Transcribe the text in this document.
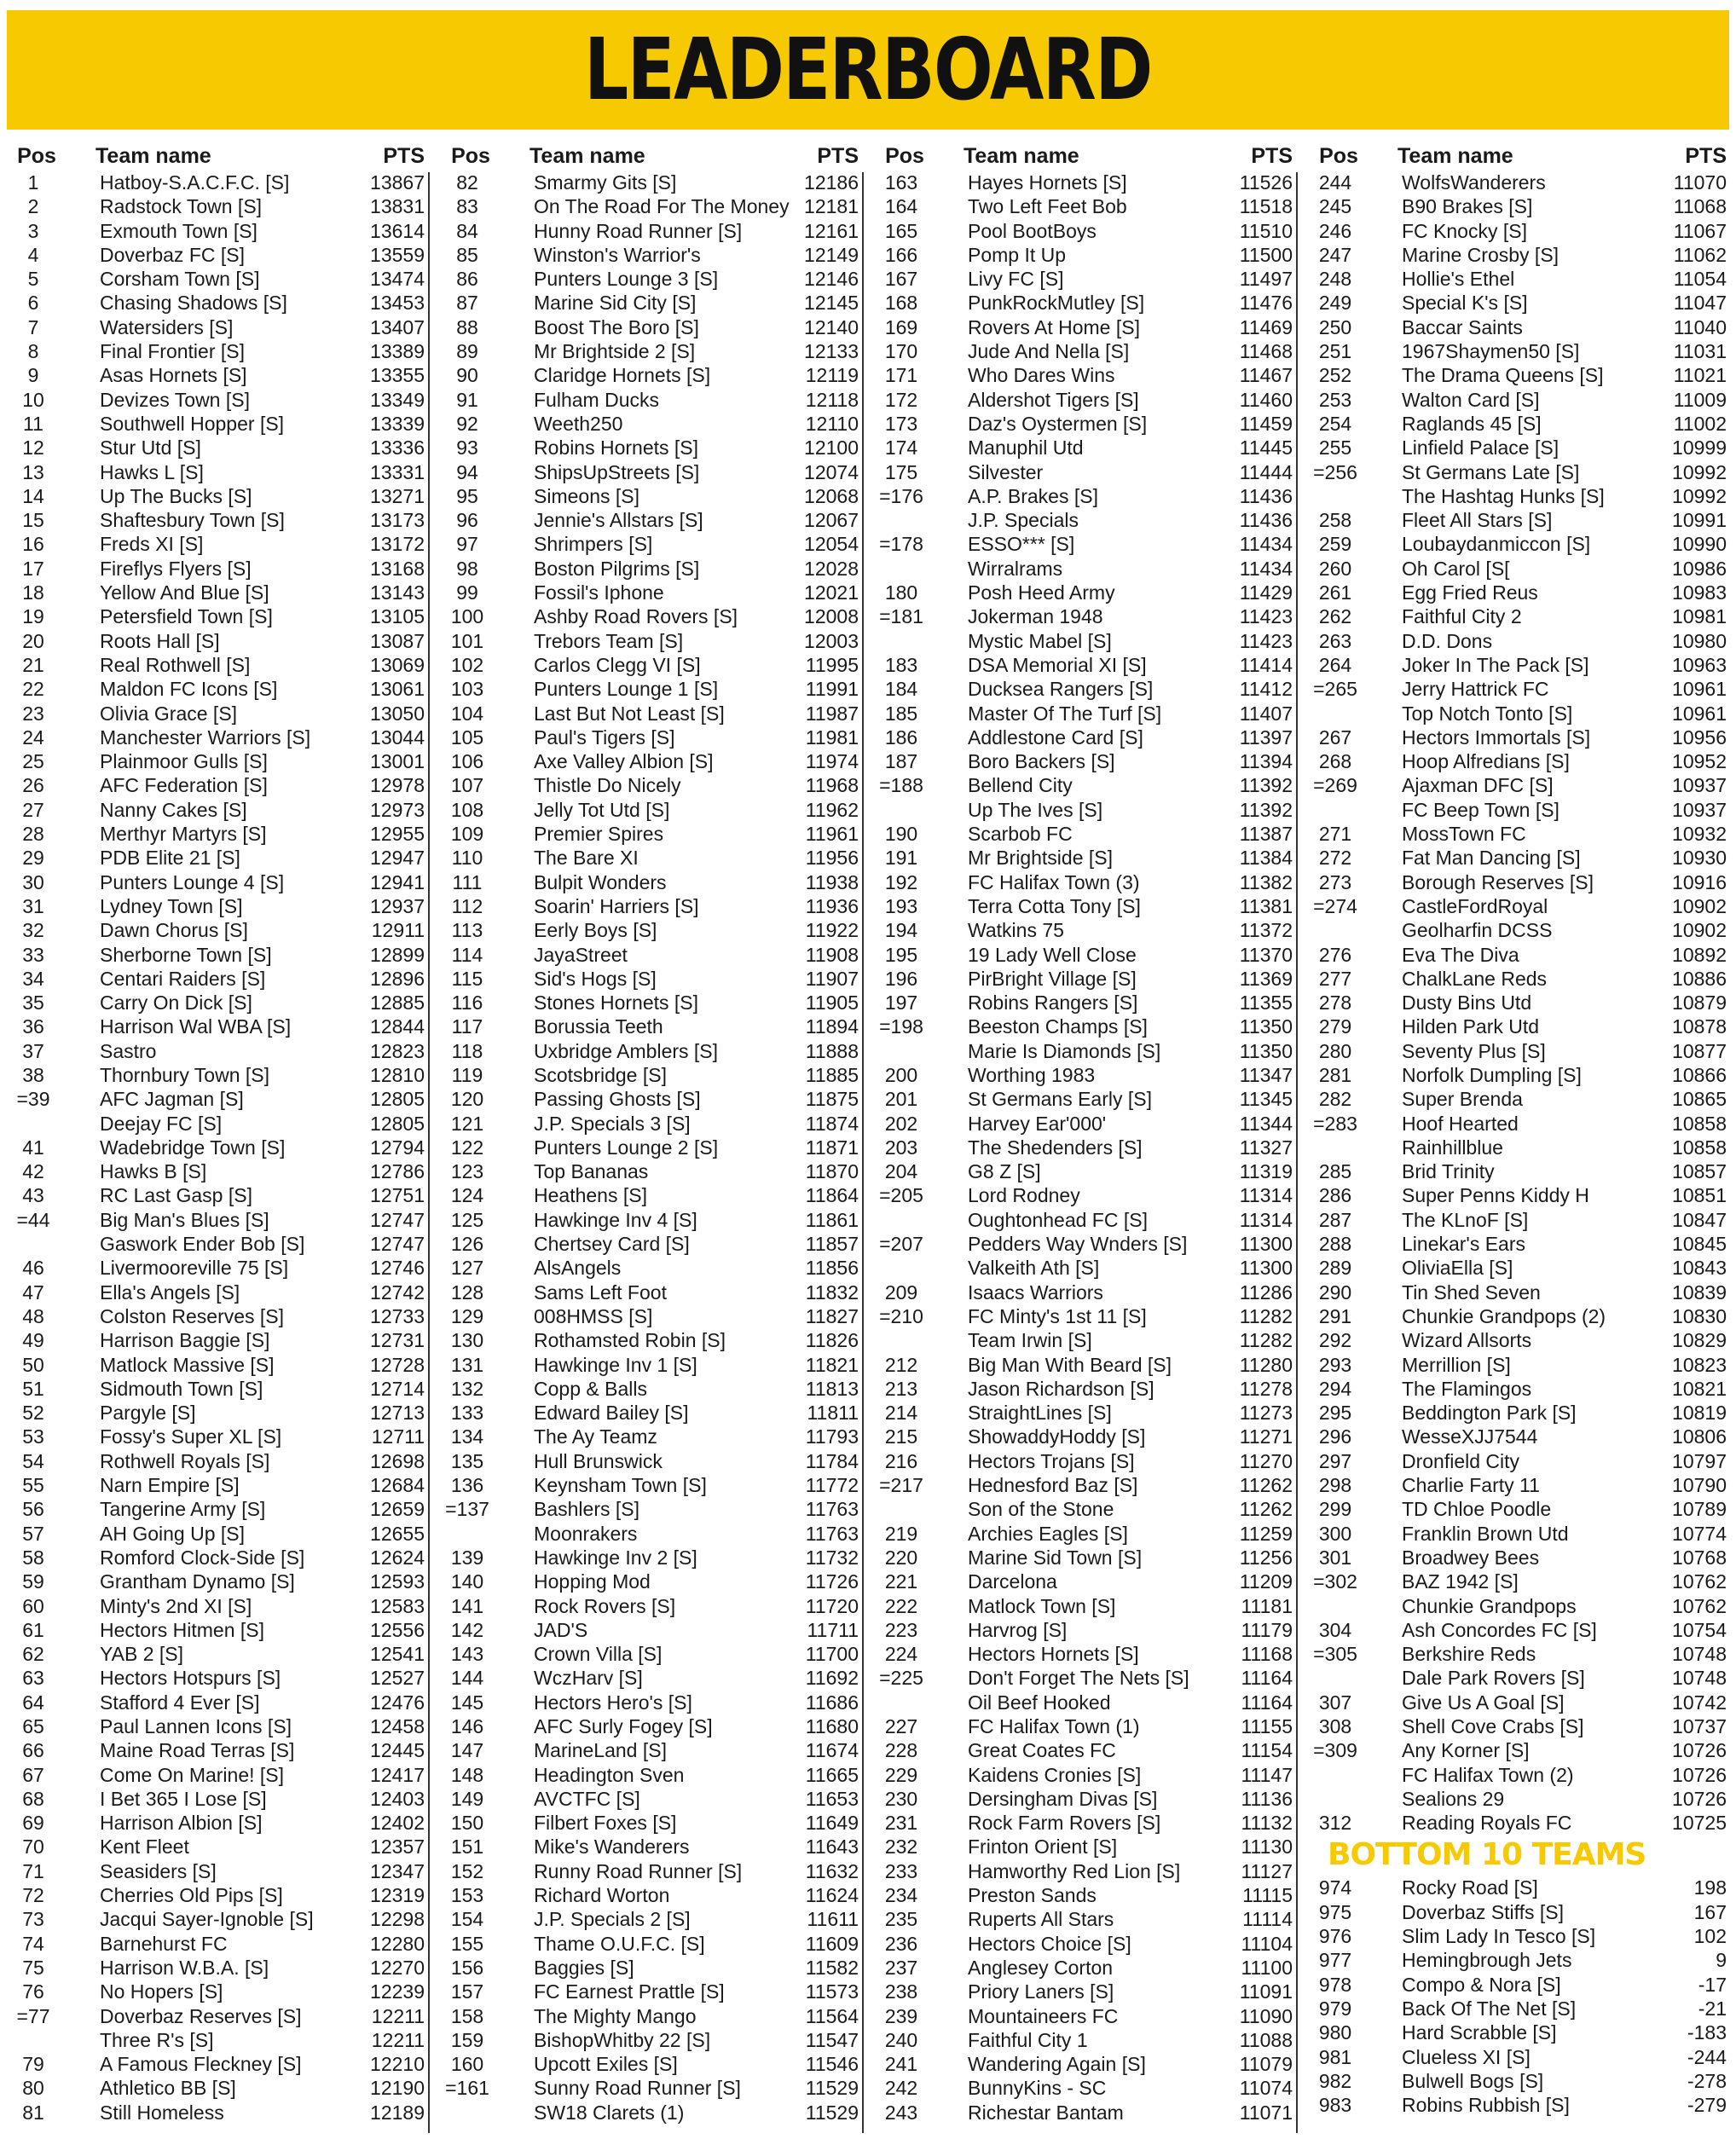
LEADERBOARD
Pos	Team name	PTS
1	Hatboy-S.A.C.F.C. [S]	13867
2	Radstock Town [S]	13831
3	Exmouth Town [S]	13614
4	Doverbaz FC [S]	13559
5	Corsham Town [S]	13474
6	Chasing Shadows [S]	13453
7	Watersiders [S]	13407
8	Final Frontier [S]	13389
9	Asas Hornets [S]	13355
10	Devizes Town [S]	13349
11	Southwell Hopper [S]	13339
12	Stur Utd [S]	13336
13	Hawks L [S]	13331
14	Up The Bucks [S]	13271
15	Shaftesbury Town [S]	13173
16	Freds XI [S]	13172
17	Fireflys Flyers [S]	13168
18	Yellow And Blue [S]	13143
19	Petersfield Town [S]	13105
20	Roots Hall [S]	13087
21	Real Rothwell [S]	13069
22	Maldon FC Icons [S]	13061
23	Olivia Grace [S]	13050
24	Manchester Warriors [S]	13044
25	Plainmoor Gulls [S]	13001
26	AFC Federation [S]	12978
27	Nanny Cakes [S]	12973
28	Merthyr Martyrs [S]	12955
29	PDB Elite 21 [S]	12947
30	Punters Lounge 4 [S]	12941
31	Lydney Town [S]	12937
32	Dawn Chorus [S]	12911
33	Sherborne Town [S]	12899
34	Centari Raiders [S]	12896
35	Carry On Dick [S]	12885
36	Harrison Wal WBA [S]	12844
37	Sastro	12823
38	Thornbury Town [S]	12810
=39	AFC Jagman [S]	12805
Deejay FC [S]	12805
41	Wadebridge Town [S]	12794
42	Hawks B [S]	12786
43	RC Last Gasp [S]	12751
=44	Big Man's Blues [S]	12747
Gaswork Ender Bob [S]	12747
46	Livermooreville 75 [S]	12746
47	Ella's Angels [S]	12742
48	Colston Reserves [S]	12733
49	Harrison Baggie [S]	12731
50	Matlock Massive [S]	12728
51	Sidmouth Town [S]	12714
52	Pargyle [S]	12713
53	Fossy's Super XL [S]	12711
54	Rothwell Royals [S]	12698
55	Narn Empire [S]	12684
56	Tangerine Army [S]	12659
57	AH Going Up [S]	12655
58	Romford Clock-Side [S]	12624
59	Grantham Dynamo [S]	12593
60	Minty's 2nd XI [S]	12583
61	Hectors Hitmen [S]	12556
62	YAB 2 [S]	12541
63	Hectors Hotspurs [S]	12527
64	Stafford 4 Ever [S]	12476
65	Paul Lannen Icons [S]	12458
66	Maine Road Terras [S]	12445
67	Come On Marine! [S]	12417
68	I Bet 365 I Lose [S]	12403
69	Harrison Albion [S]	12402
70	Kent Fleet	12357
71	Seasiders [S]	12347
72	Cherries Old Pips [S]	12319
73	Jacqui Sayer-Ignoble [S]	12298
74	Barnehurst FC	12280
75	Harrison W.B.A. [S]	12270
76	No Hopers [S]	12239
=77	Doverbaz Reserves [S]	12211
Three R's [S]	12211
79	A Famous Fleckney [S]	12210
80	Athletico BB [S]	12190
81	Still Homeless	12189
Pos	Team name	PTS
82	Smarmy Gits [S]	12186
83	On The Road For The Money 12181
84	Hunny Road Runner [S]	12161
85	Winston's Warrior's	12149
86	Punters Lounge 3 [S]	12146
87	Marine Sid City [S]	12145
88	Boost The Boro [S]	12140
89	Mr Brightside 2 [S]	12133
90	Claridge Hornets [S]	12119
91	Fulham Ducks	12118
92	Weeth250	12110
93	Robins Hornets [S]	12100
94	ShipsUpStreets [S]	12074
95	Simeons [S]	12068
96	Jennie's Allstars [S]	12067
97	Shrimpers [S]	12054
98	Boston Pilgrims [S]	12028
99	Fossil's Iphone	12021
100	Ashby Road Rovers [S]	12008
101	Trebors Team [S]	12003
102	Carlos Clegg VI [S]	11995
103	Punters Lounge 1 [S]	11991
104	Last But Not Least [S]	11987
105	Paul's Tigers [S]	11981
106	Axe Valley Albion [S]	11974
107	Thistle Do Nicely	11968
108	Jelly Tot Utd [S]	11962
109	Premier Spires	11961
110	The Bare XI	11956
111	Bulpit Wonders	11938
112	Soarin' Harriers [S]	11936
113	Eerly Boys [S]	11922
114	JayaStreet	11908
115	Sid's Hogs [S]	11907
116	Stones Hornets [S]	11905
117	Borussia Teeth	11894
118	Uxbridge Amblers [S]	11888
119	Scotsbridge [S]	11885
120	Passing Ghosts [S]	11875
121	J.P. Specials 3 [S]	11874
122	Punters Lounge 2 [S]	11871
123	Top Bananas	11870
124	Heathens [S]	11864
125	Hawkinge Inv 4 [S]	11861
126	Chertsey Card [S]	11857
127	AlsAngels	11856
128	Sams Left Foot	11832
129	008HMSS [S]	11827
130	Rothamsted Robin [S]	11826
131	Hawkinge Inv 1 [S]	11821
132	Copp & Balls	11813
133	Edward Bailey [S]	11811
134	The Ay Teamz	11793
135	Hull Brunswick	11784
136	Keynsham Town [S]	11772
=137	Bashlers [S]	11763
Moonrakers	11763
139	Hawkinge Inv 2 [S]	11732
140	Hopping Mod	11726
141	Rock Rovers [S]	11720
142	JAD'S	11711
143	Crown Villa [S]	11700
144	WczHarv [S]	11692
145	Hectors Hero's [S]	11686
146	AFC Surly Fogey [S]	11680
147	MarineLand [S]	11674
148	Headington Sven	11665
149	AVCTFC [S]	11653
150	Filbert Foxes [S]	11649
151	Mike's Wanderers	11643
152	Runny Road Runner [S]	11632
153	Richard Worton	11624
154	J.P. Specials 2 [S]	11611
155	Thame O.U.F.C. [S]	11609
156	Baggies [S]	11582
157	FC Earnest Prattle [S]	11573
158	The Mighty Mango	11564
159	BishopWhitby 22 [S]	11547
160	Upcott Exiles [S]	11546
=161	Sunny Road Runner [S]	11529
SW18 Clarets (1)	11529
Pos	Team name	PTS
163	Hayes Hornets [S]	11526
164	Two Left Feet Bob	11518
165	Pool BootBoys	11510
166	Pomp It Up	11500
167	Livy FC [S]	11497
168	PunkRockMutley [S]	11476
169	Rovers At Home [S]	11469
170	Jude And Nella [S]	11468
171	Who Dares Wins	11467
172	Aldershot Tigers [S]	11460
173	Daz's Oystermen [S]	11459
174	Manuphil Utd	11445
175	Silvester	11444
=176	A.P. Brakes [S]	11436
J.P. Specials	11436
=178	ESSO*** [S]	11434
Wirralrams	11434
180	Posh Heed Army	11429
=181	Jokerman 1948	11423
Mystic Mabel [S]	11423
183	DSA Memorial XI [S]	11414
184	Ducksea Rangers [S]	11412
185	Master Of The Turf [S]	11407
186	Addlestone Card [S]	11397
187	Boro Backers [S]	11394
=188	Bellend City	11392
Up The Ives [S]	11392
190	Scarbob FC	11387
191	Mr Brightside [S]	11384
192	FC Halifax Town (3)	11382
193	Terra Cotta Tony [S]	11381
194	Watkins 75	11372
195	19 Lady Well Close	11370
196	PirBright Village [S]	11369
197	Robins Rangers [S]	11355
=198	Beeston Champs [S]	11350
Marie Is Diamonds [S]	11350
200	Worthing 1983	11347
201	St Germans Early [S]	11345
202	Harvey Ear'000'	11344
203	The Shedenders [S]	11327
204	G8 Z [S]	11319
=205	Lord Rodney	11314
Oughtonhead FC [S]	11314
=207	Pedders Way Wnders [S]	11300
Valkeith Ath [S]	11300
209	Isaacs Warriors	11286
=210	FC Minty's 1st 11 [S]	11282
Team Irwin [S]	11282
212	Big Man With Beard [S]	11280
213	Jason Richardson [S]	11278
214	StraightLines [S]	11273
215	ShowaddyHoddy [S]	11271
216	Hectors Trojans [S]	11270
=217	Hednesford Baz [S]	11262
Son of the Stone	11262
219	Archies Eagles [S]	11259
220	Marine Sid Town [S]	11256
221	Darcelona	11209
222	Matlock Town [S]	11181
223	Harvrog [S]	11179
224	Hectors Hornets [S]	11168
=225	Don't Forget The Nets [S]	11164
Oil Beef Hooked	11164
227	FC Halifax Town (1)	11155
228	Great Coates FC	11154
229	Kaidens Cronies [S]	11147
230	Dersingham Divas [S]	11136
231	Rock Farm Rovers [S]	11132
232	Frinton Orient [S]	11130
233	Hamworthy Red Lion [S]	11127
234	Preston Sands	11115
235	Ruperts All Stars	11114
236	Hectors Choice [S]	11104
237	Anglesey Corton	11100
238	Priory Laners [S]	11091
239	Mountaineers FC	11090
240	Faithful City 1	11088
241	Wandering Again [S]	11079
242	BunnyKins - SC	11074
243	Richestar Bantam	11071
Pos	Team name	PTS
244	WolfsWanderers	11070
245	B90 Brakes [S]	11068
246	FC Knocky [S]	11067
247	Marine Crosby [S]	11062
248	Hollie's Ethel	11054
249	Special K's [S]	11047
250	Baccar Saints	11040
251	1967Shaymen50 [S]	11031
252	The Drama Queens [S]	11021
253	Walton Card [S]	11009
254	Raglands 45 [S]	11002
255	Linfield Palace [S]	10999
=256	St Germans Late [S]	10992
The Hashtag Hunks [S]	10992
258	Fleet All Stars [S]	10991
259	Loubaydanmiccon [S]	10990
260	Oh Carol [S[	10986
261	Egg Fried Reus	10983
262	Faithful City 2	10981
263	D.D. Dons	10980
264	Joker In The Pack [S]	10963
=265	Jerry Hattrick FC	10961
Top Notch Tonto [S]	10961
267	Hectors Immortals [S]	10956
268	Hoop Alfredians [S]	10952
=269	Ajaxman DFC [S]	10937
FC Beep Town [S]	10937
271	MossTown FC	10932
272	Fat Man Dancing [S]	10930
273	Borough Reserves [S]	10916
=274	CastleFordRoyal	10902
Geolharfin DCSS	10902
276	Eva The Diva	10892
277	ChalkLane Reds	10886
278	Dusty Bins Utd	10879
279	Hilden Park Utd	10878
280	Seventy Plus [S]	10877
281	Norfolk Dumpling [S]	10866
282	Super Brenda	10865
=283	Hoof Hearted	10858
Rainhillblue	10858
285	Brid Trinity	10857
286	Super Penns Kiddy H	10851
287	The KLnoF [S]	10847
288	Linekar's Ears	10845
289	OliviaElla [S]	10843
290	Tin Shed Seven	10839
291	Chunkie Grandpops (2)	10830
292	Wizard Allsorts	10829
293	Merrillion [S]	10823
294	The Flamingos	10821
295	Beddington Park [S]	10819
296	WesseXJJ7544	10806
297	Dronfield City	10797
298	Charlie Farty 11	10790
299	TD Chloe Poodle	10789
300	Franklin Brown Utd	10774
301	Broadwey Bees	10768
=302	BAZ 1942 [S]	10762
Chunkie Grandpops	10762
304	Ash Concordes FC [S]	10754
=305	Berkshire Reds	10748
Dale Park Rovers [S]	10748
307	Give Us A Goal [S]	10742
308	Shell Cove Crabs [S]	10737
=309	Any Korner [S]	10726
FC Halifax Town (2)	10726
Sealions 29	10726
312	Reading Royals FC	10725
BOTTOM 10 TEAMS
974	Rocky Road [S]	198
975	Doverbaz Stiffs [S]	167
976	Slim Lady In Tesco [S]	102
977	Hemingbrough Jets	9
978	Compo & Nora [S]	-17
979	Back Of The Net [S]	-21
980	Hard Scrabble [S]	-183
981	Clueless XI [S]	-244
982	Bulwell Bogs [S]	-278
983	Robins Rubbish [S]	-279
